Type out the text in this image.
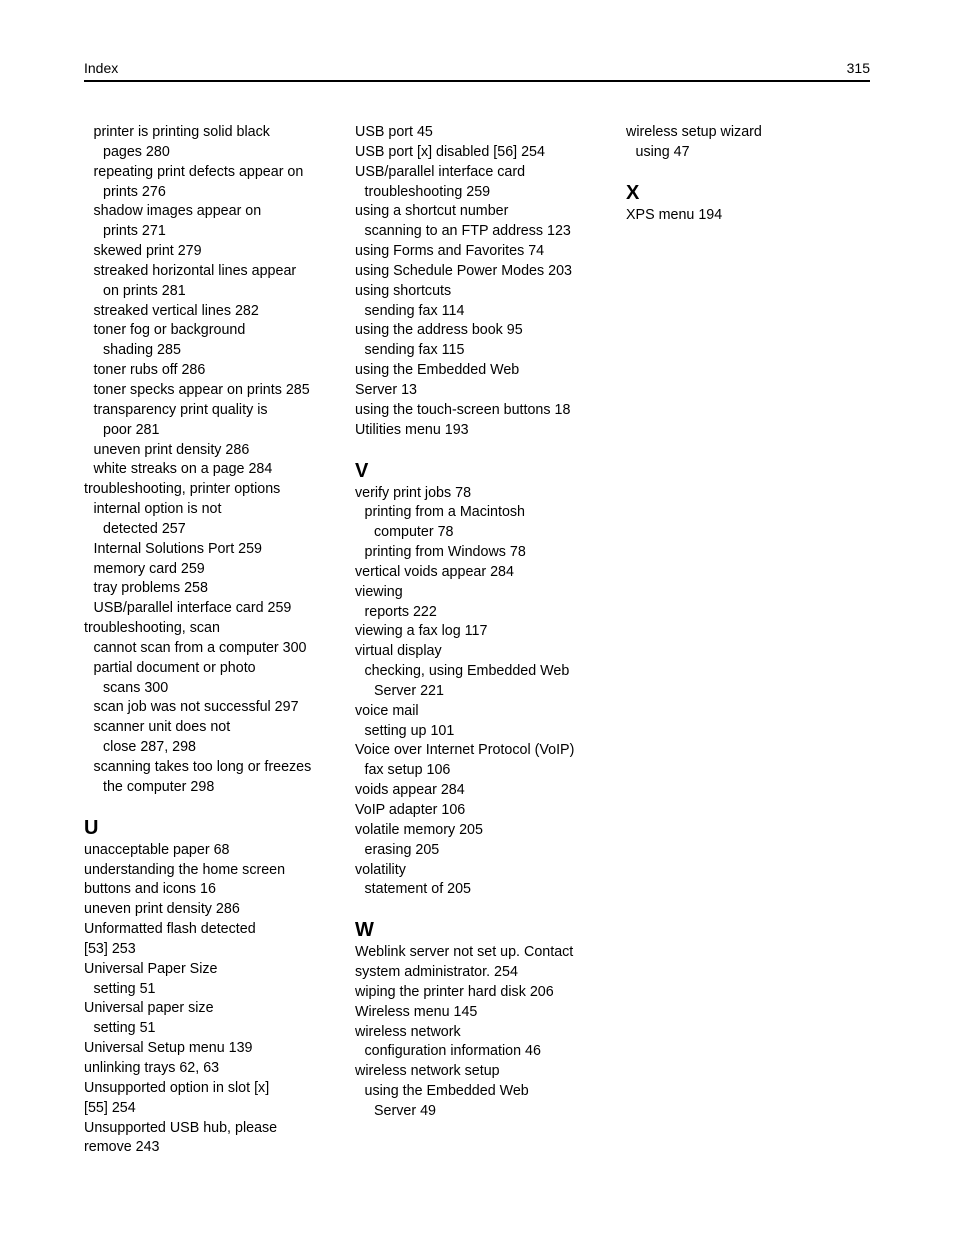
Index	315
printer is printing solid black
pages 280
repeating print defects appear on
prints 276
shadow images appear on
prints 271
skewed print 279
streaked horizontal lines appear
on prints 281
streaked vertical lines 282
toner fog or background
shading 285
toner rubs off 286
toner specks appear on prints 285
transparency print quality is
poor 281
uneven print density 286
white streaks on a page 284
troubleshooting, printer options
internal option is not
detected 257
Internal Solutions Port 259
memory card 259
tray problems 258
USB/parallel interface card 259
troubleshooting, scan
cannot scan from a computer 300
partial document or photo
scans 300
scan job was not successful 297
scanner unit does not
close 287, 298
scanning takes too long or freezes
the computer 298
U
unacceptable paper 68
understanding the home screen
buttons and icons 16
uneven print density 286
Unformatted flash detected
[53] 253
Universal Paper Size
setting 51
Universal paper size
setting 51
Universal Setup menu 139
unlinking trays 62, 63
Unsupported option in slot [x]
[55] 254
Unsupported USB hub, please
remove 243
USB port 45
USB port [x] disabled [56] 254
USB/parallel interface card
troubleshooting 259
using a shortcut number
scanning to an FTP address 123
using Forms and Favorites 74
using Schedule Power Modes 203
using shortcuts
sending fax 114
using the address book 95
sending fax 115
using the Embedded Web
Server 13
using the touch-screen buttons 18
Utilities menu 193
V
verify print jobs 78
printing from a Macintosh
computer 78
printing from Windows 78
vertical voids appear 284
viewing
reports 222
viewing a fax log 117
virtual display
checking, using Embedded Web
Server 221
voice mail
setting up 101
Voice over Internet Protocol (VoIP)
fax setup 106
voids appear 284
VoIP adapter 106
volatile memory 205
erasing 205
volatility
statement of 205
W
Weblink server not set up. Contact
system administrator. 254
wiping the printer hard disk 206
Wireless menu 145
wireless network
configuration information 46
wireless network setup
using the Embedded Web
Server 49
wireless setup wizard
using 47
X
XPS menu 194
